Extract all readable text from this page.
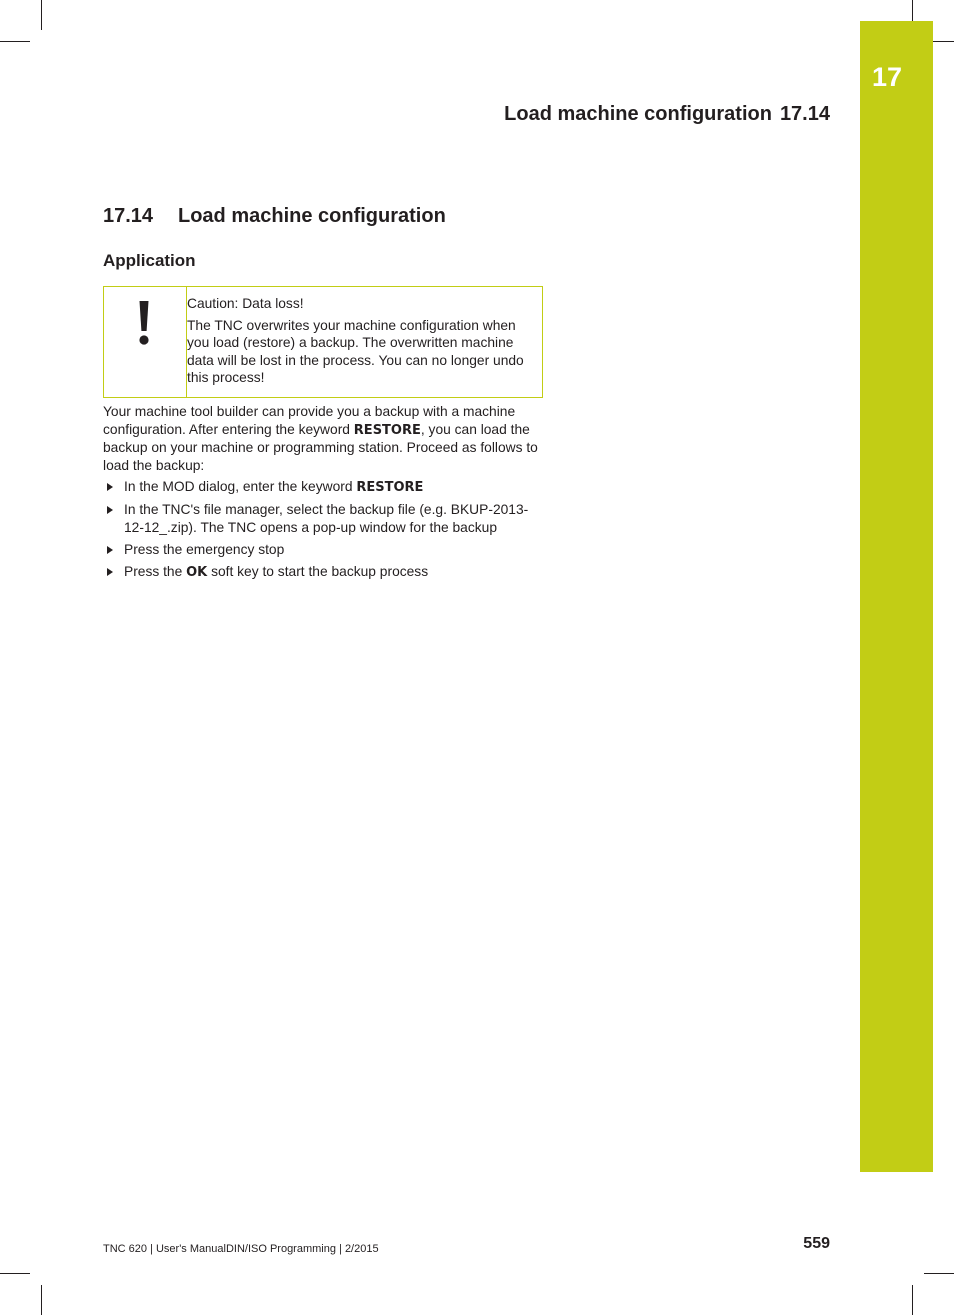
17
Load machine configuration 17.14
17.14 Load machine configuration
Application

Caution: Data loss!

The TNC overwrites your machine configuration when you load (restore) a backup. The overwritten machine data will be lost in the process. You can no longer undo this process!

Your machine tool builder can provide you a backup with a machine configuration. After entering the keyword RESTORE, you can load the backup on your machine or programming station. Proceed as follows to load the backup:

In the MOD dialog, enter the keyword RESTORE
In the TNC's file manager, select the backup file (e.g. BKUP-2013-12-12_.zip). The TNC opens a pop-up window for the backup
Press the emergency stop
Press the OK soft key to start the backup process
TNC 620 | User's ManualDIN/ISO Programming | 2/2015	559
